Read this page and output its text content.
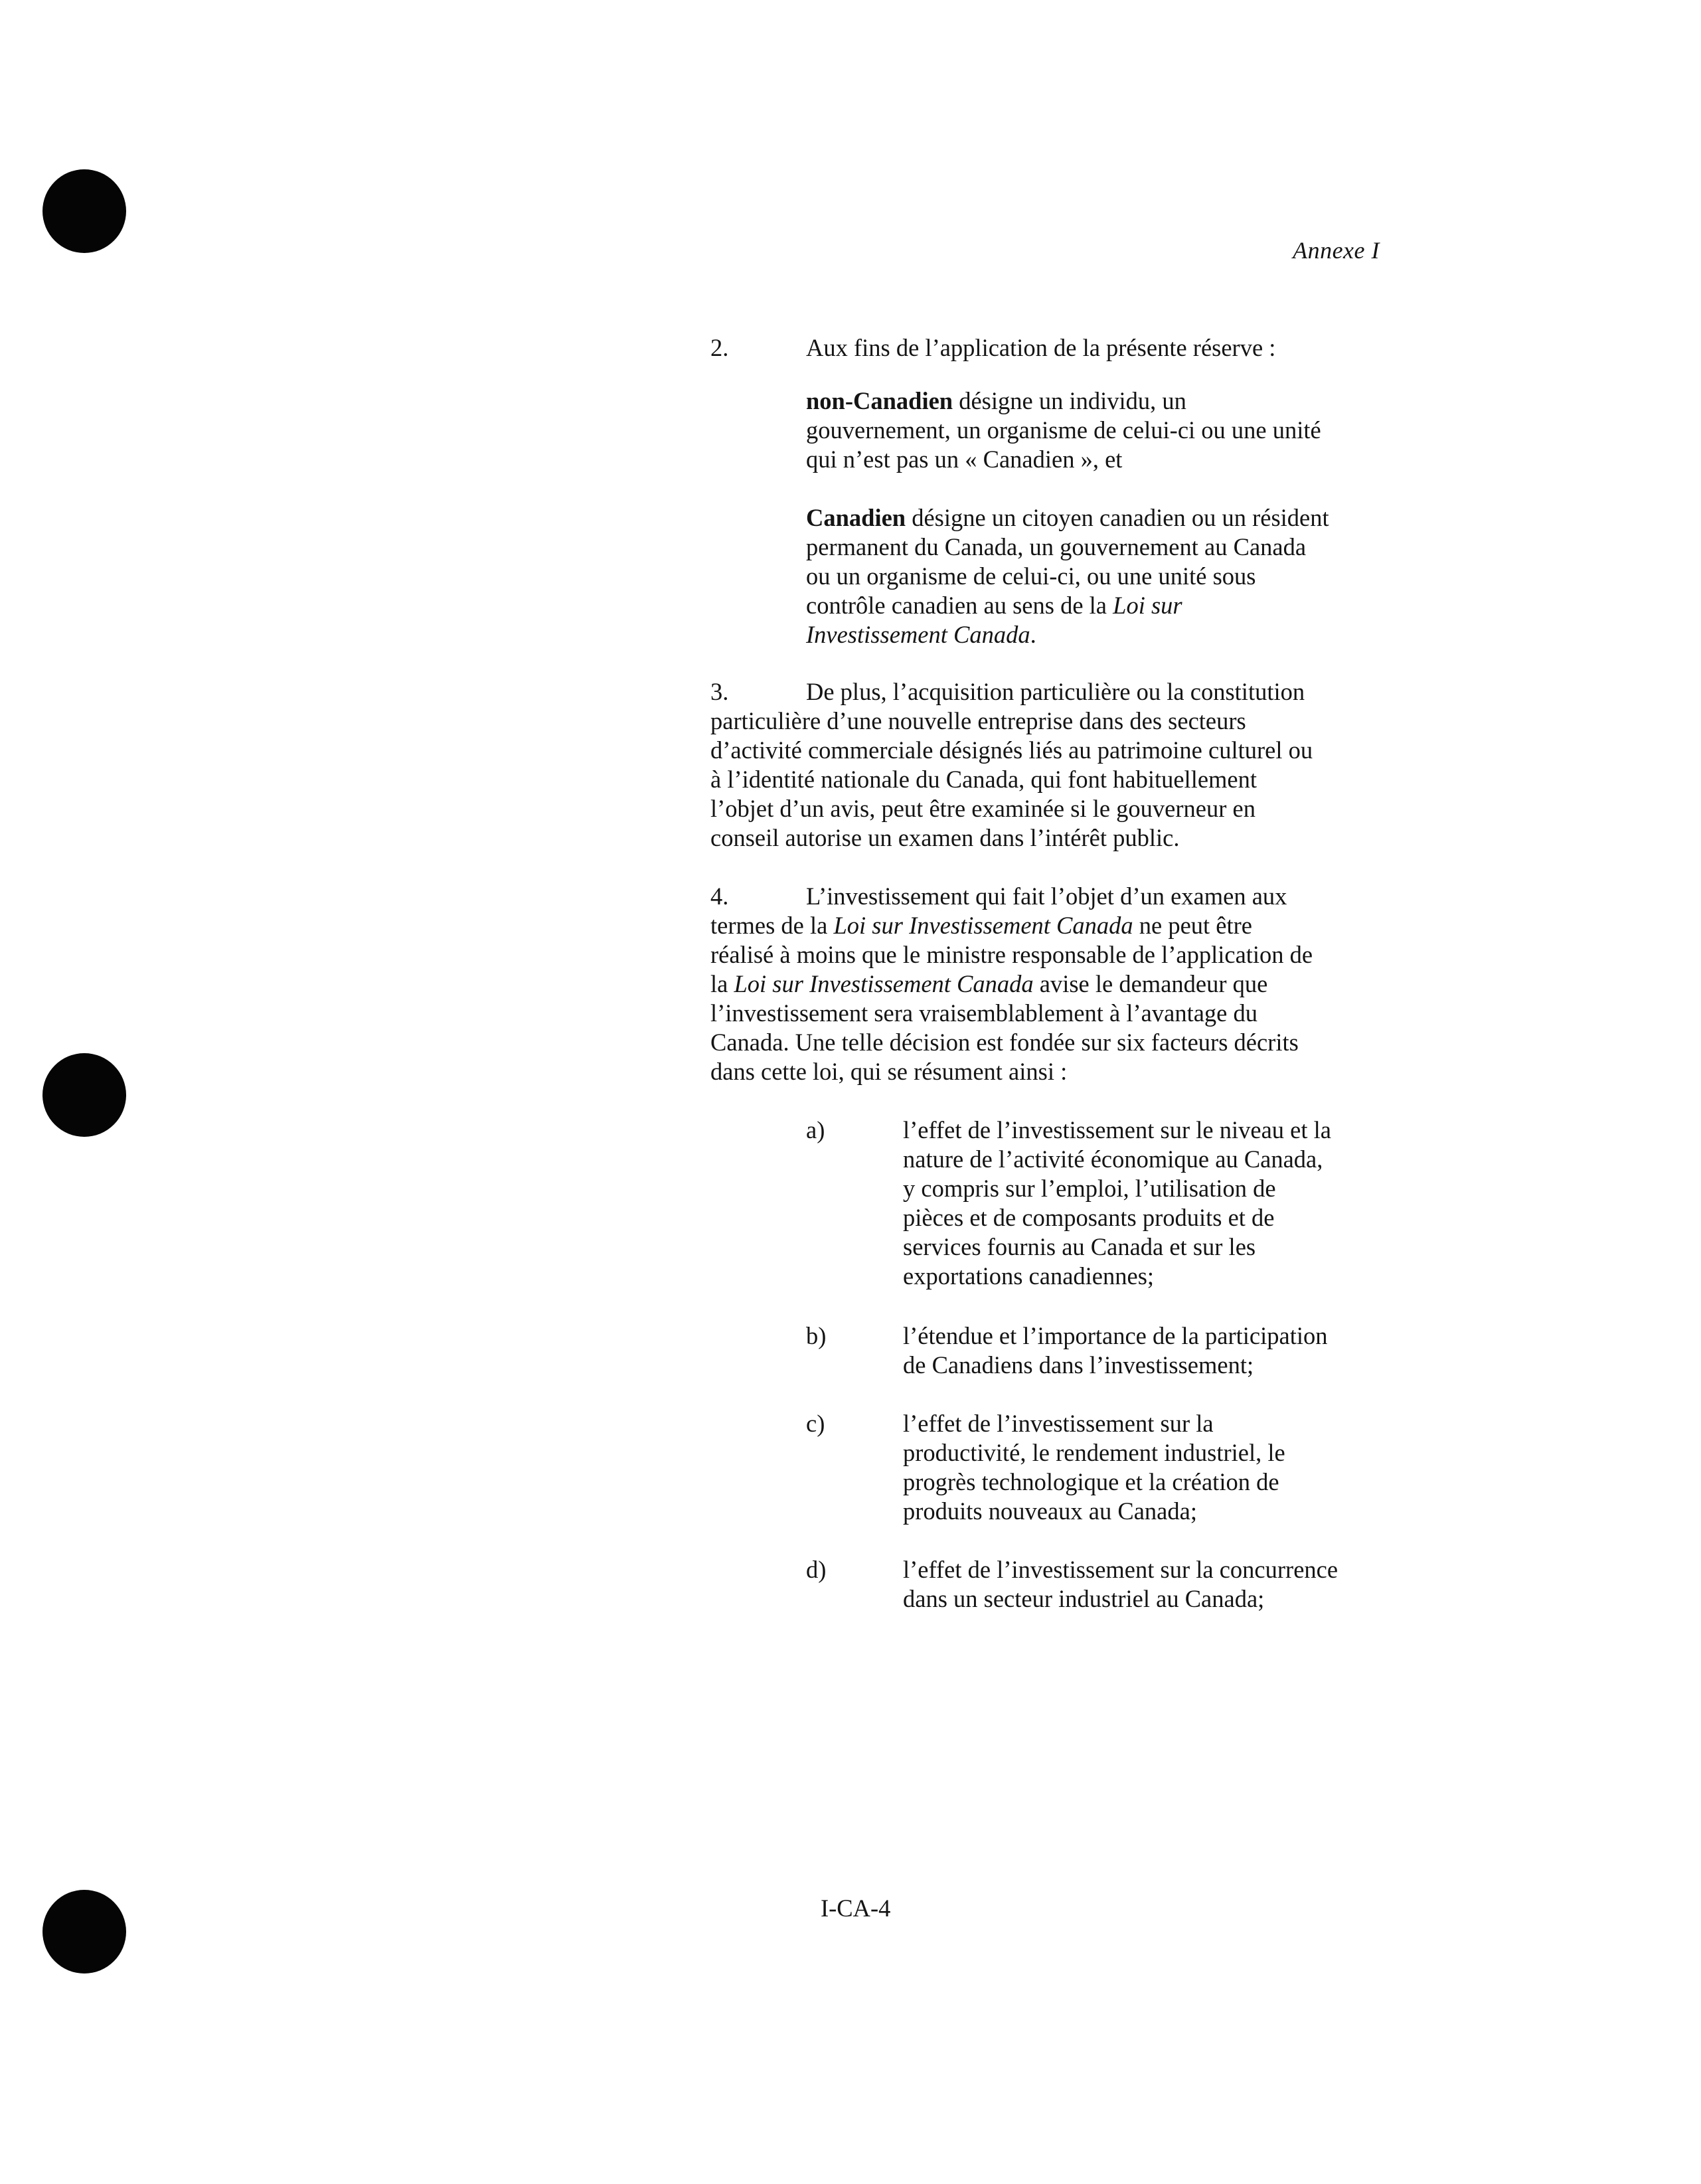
Annexe I
2.	Aux fins de l’application de la présente réserve :
non-Canadien désigne un individu, un
gouvernement, un organisme de celui-ci ou une unité
qui n’est pas un « Canadien », et
Canadien désigne un citoyen canadien ou un résident
permanent du Canada, un gouvernement au Canada
ou un organisme de celui-ci, ou une unité sous
contrôle canadien au sens de la Loi sur
Investissement Canada.
3.	De plus, l’acquisition particulière ou la constitution
particulière d’une nouvelle entreprise dans des secteurs
d’activité commerciale désignés liés au patrimoine culturel ou
à l’identité nationale du Canada, qui font habituellement
l’objet d’un avis, peut être examinée si le gouverneur en
conseil autorise un examen dans l’intérêt public.
4.	L’investissement qui fait l’objet d’un examen aux
termes de la Loi sur Investissement Canada ne peut être
réalisé à moins que le ministre responsable de l’application de
la Loi sur Investissement Canada avise le demandeur que
l’investissement sera vraisemblablement à l’avantage du
Canada. Une telle décision est fondée sur six facteurs décrits
dans cette loi, qui se résument ainsi :
a)	l’effet de l’investissement sur le niveau et la
nature de l’activité économique au Canada,
y compris sur l’emploi, l’utilisation de
pièces et de composants produits et de
services fournis au Canada et sur les
exportations canadiennes;
b)	l’étendue et l’importance de la participation
de Canadiens dans l’investissement;
c)	l’effet de l’investissement sur la
productivité, le rendement industriel, le
progrès technologique et la création de
produits nouveaux au Canada;
d)	l’effet de l’investissement sur la concurrence
dans un secteur industriel au Canada;
I-CA-4
